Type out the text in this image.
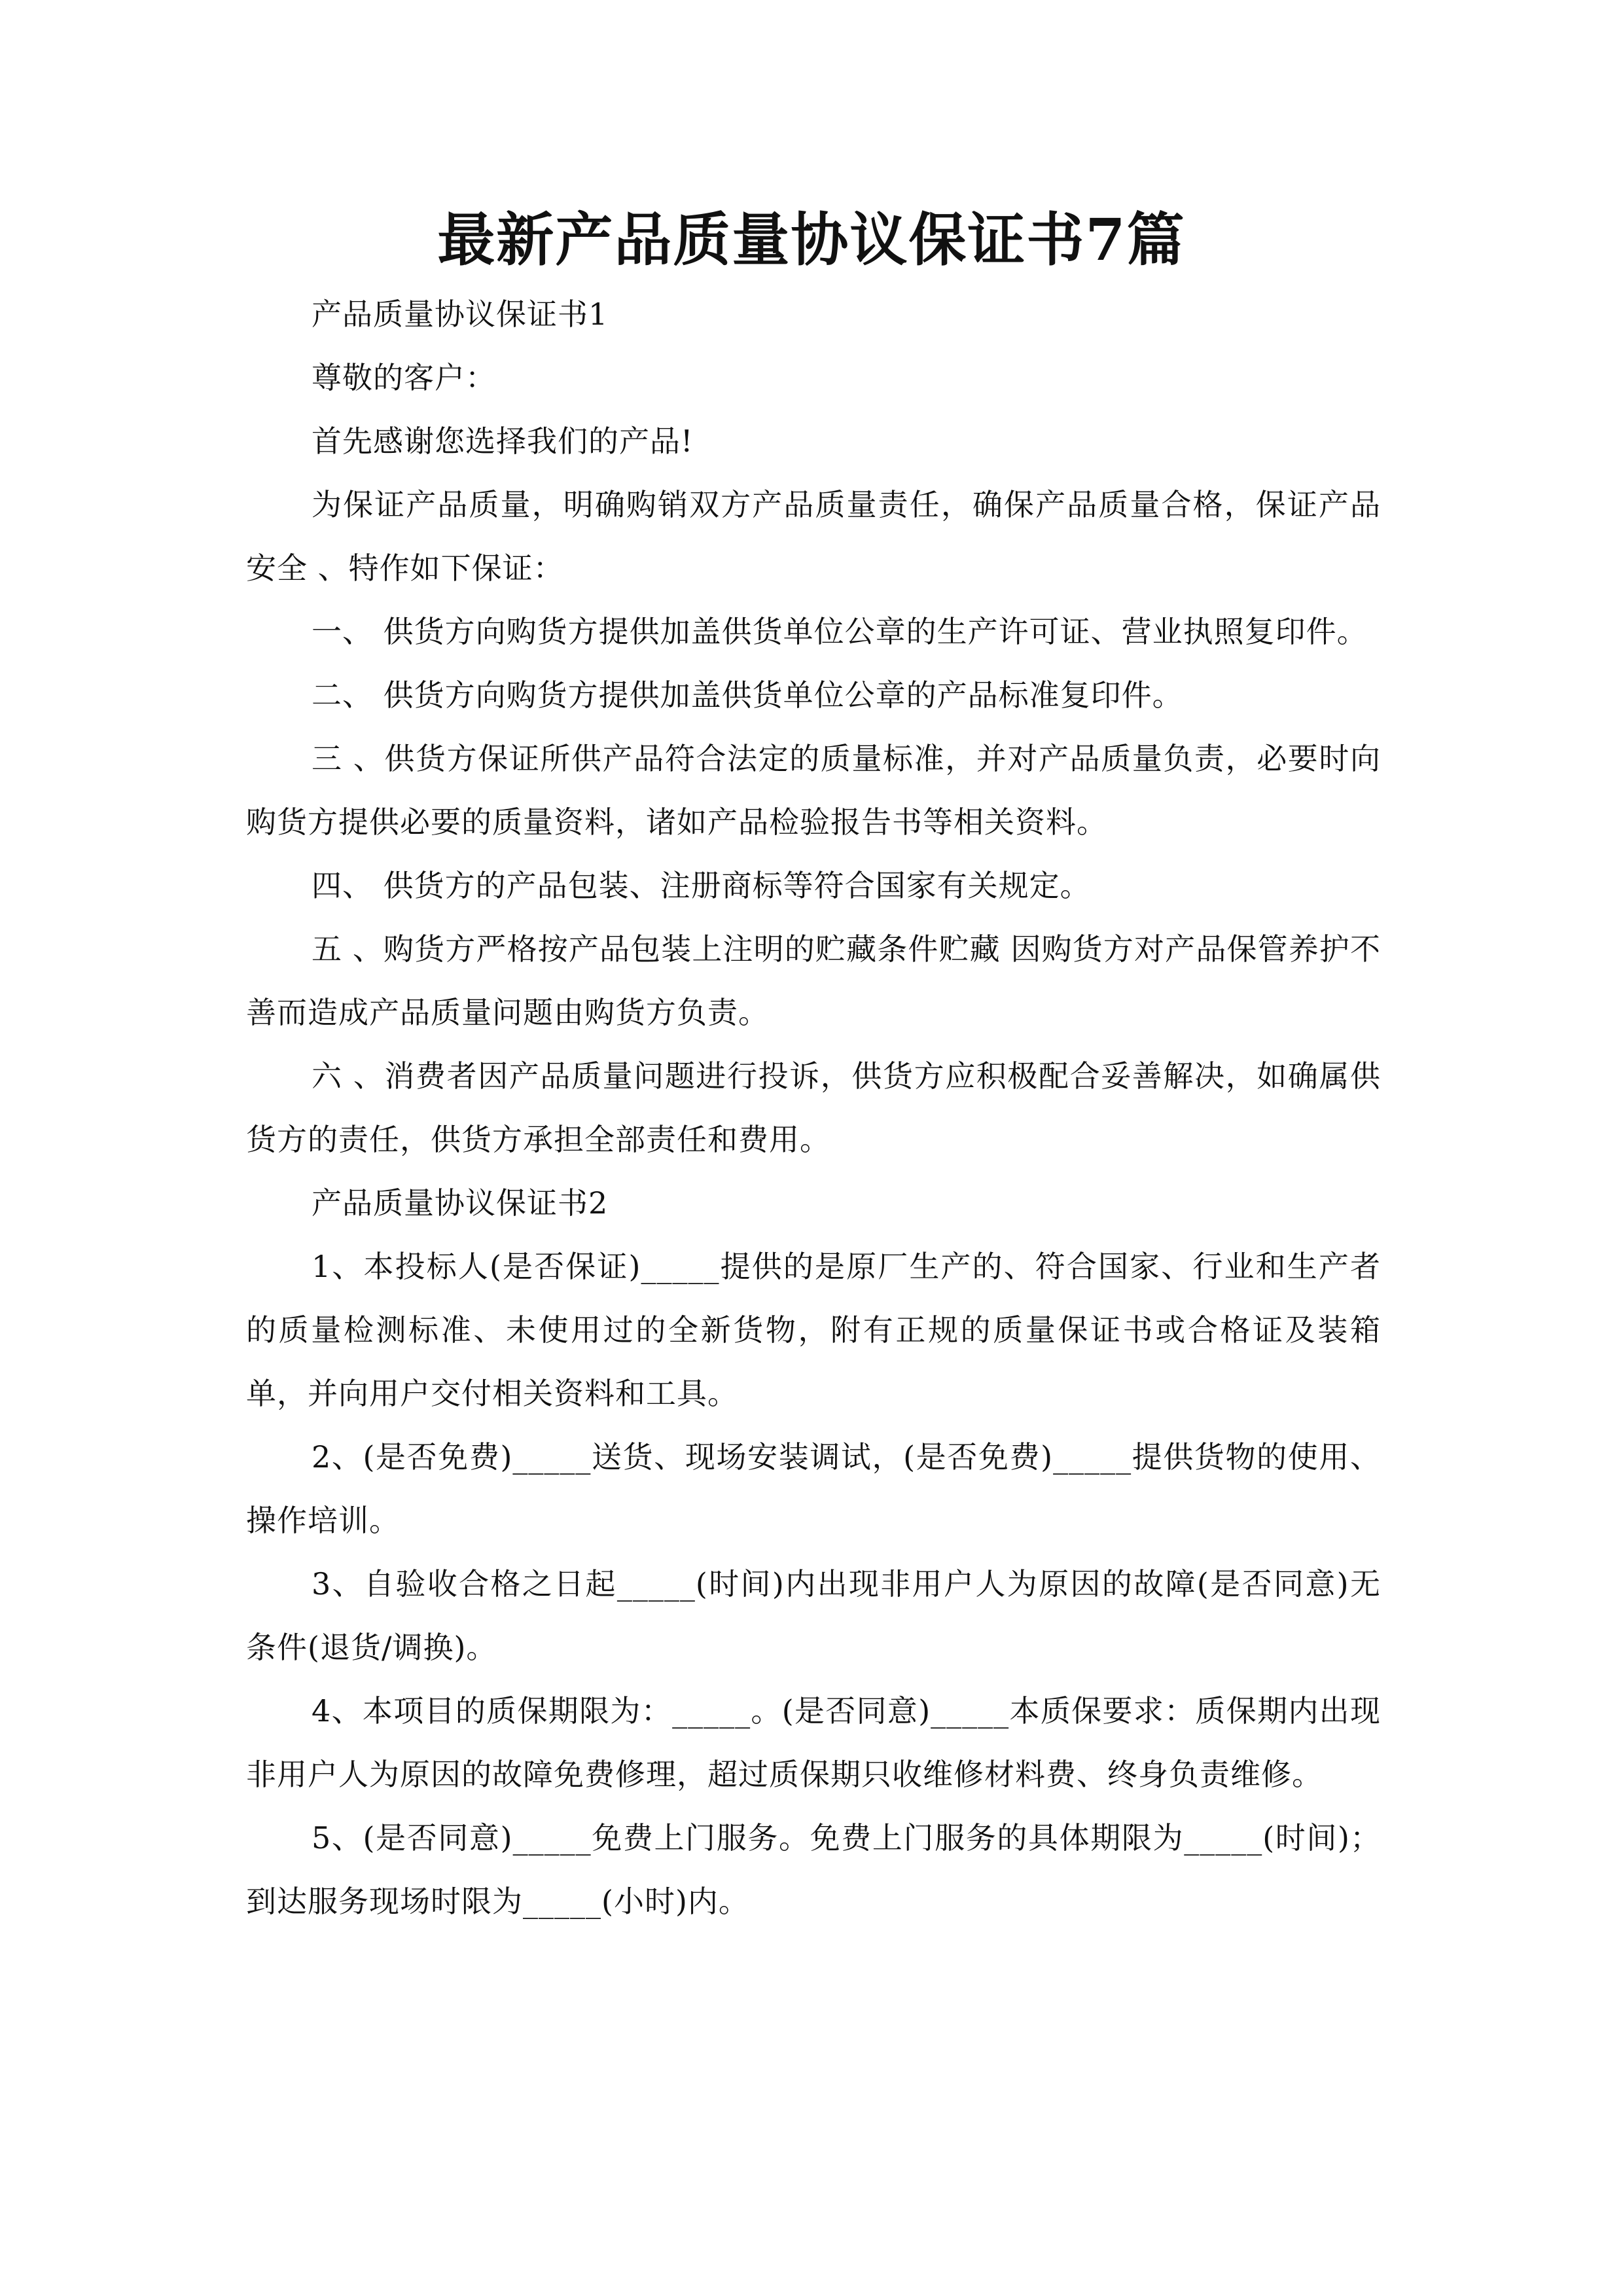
最新产品质量协议保证书7篇

产品质量协议保证书1

尊敬的客户：

首先感谢您选择我们的产品!

为保证产品质量，明确购销双方产品质量责任，确保产品质量合格，保证产品安全 、特作如下保证：

一、 供货方向购货方提供加盖供货单位公章的生产许可证、营业执照复印件。

二、 供货方向购货方提供加盖供货单位公章的产品标准复印件。

三 、供货方保证所供产品符合法定的质量标准，并对产品质量负责，必要时向购货方提供必要的质量资料，诸如产品检验报告书等相关资料。

四、 供货方的产品包装、注册商标等符合国家有关规定。

五 、购货方严格按产品包装上注明的贮藏条件贮藏 因购货方对产品保管养护不善而造成产品质量问题由购货方负责。

六 、消费者因产品质量问题进行投诉，供货方应积极配合妥善解决，如确属供货方的责任，供货方承担全部责任和费用。

产品质量协议保证书2

1、本投标人(是否保证)_____提供的是原厂生产的、符合国家、行业和生产者的质量检测标准、未使用过的全新货物，附有正规的质量保证书或合格证及装箱单，并向用户交付相关资料和工具。

2、(是否免费)_____送货、现场安装调试，(是否免费)_____提供货物的使用、操作培训。

3、自验收合格之日起_____(时间)内出现非用户人为原因的故障(是否同意)无条件(退货/调换)。

4、本项目的质保期限为：_____。(是否同意)_____本质保要求：质保期内出现非用户人为原因的故障免费修理，超过质保期只收维修材料费、终身负责维修。

5、(是否同意)_____免费上门服务。免费上门服务的具体期限为_____(时间)；到达服务现场时限为_____(小时)内。
